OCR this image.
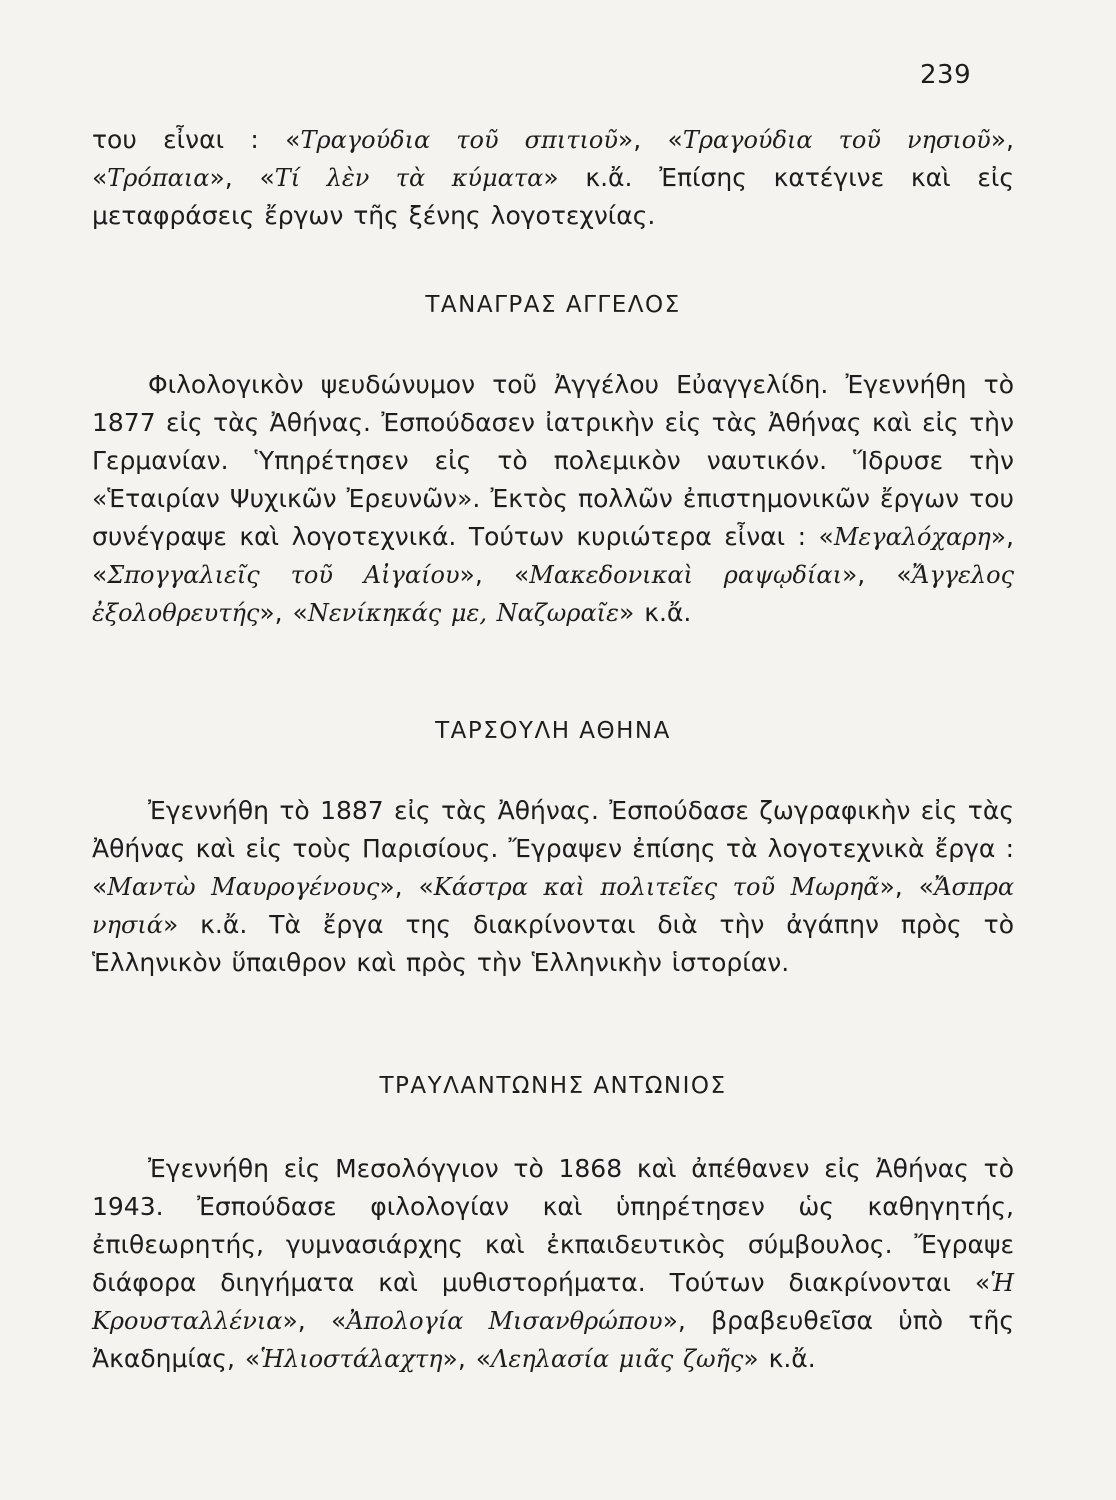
239

του εἶναι : «Τραγούδια τοῦ σπιτιοῦ», «Τραγούδια τοῦ νησιοῦ», «Τρόπαια», «Τί λὲν τὰ κύματα» κ.ἄ. Ἐπίσης κατέγινε καὶ εἰς μεταφράσεις ἔργων τῆς ξένης λογοτεχνίας.

ΤΑΝΑΓΡΑΣ ΑΓΓΕΛΟΣ

Φιλολογικὸν ψευδώνυμον τοῦ Ἀγγέλου Εὐαγγελίδη. Ἐγεννήθη τὸ 1877 εἰς τὰς Ἀθήνας. Ἐσπούδασεν ἰατρικὴν εἰς τὰς Ἀθήνας καὶ εἰς τὴν Γερμανίαν. Ὑπηρέτησεν εἰς τὸ πολεμικὸν ναυτικόν. Ἵδρυσε τὴν «Ἑταιρίαν Ψυχικῶν Ἐρευνῶν». Ἐκτὸς πολλῶν ἐπιστημονικῶν ἔργων του συνέγραψε καὶ λογοτεχνικά. Τούτων κυριώτερα εἶναι : «Μεγαλόχαρη», «Σπογγαλιεῖς τοῦ Αἰγαίου», «Μακεδονικαὶ ραψῳδίαι», «Ἄγγελος ἐξολοθρευτής», «Νενίκηκάς με, Ναζωραῖε» κ.ἄ.

ΤΑΡΣΟΥΛΗ ΑΘΗΝΑ

Ἐγεννήθη τὸ 1887 εἰς τὰς Ἀθήνας. Ἐσπούδασε ζωγραφικὴν εἰς τὰς Ἀθήνας καὶ εἰς τοὺς Παρισίους. Ἔγραψεν ἐπίσης τὰ λογοτεχνικὰ ἔργα : «Μαντὼ Μαυρογένους», «Κάστρα καὶ πολιτεῖες τοῦ Μωρηᾶ», «Ἄσπρα νησιά» κ.ἄ. Τὰ ἔργα της διακρίνονται διὰ τὴν ἀγάπην πρὸς τὸ Ἑλληνικὸν ὕπαιθρον καὶ πρὸς τὴν Ἑλληνικὴν ἱστορίαν.

ΤΡΑΥΛΑΝΤΩΝΗΣ ΑΝΤΩΝΙΟΣ

Ἐγεννήθη εἰς Μεσολόγγιον τὸ 1868 καὶ ἀπέθανεν εἰς Ἀθήνας τὸ 1943. Ἐσπούδασε φιλολογίαν καὶ ὑπηρέτησεν ὡς καθηγητής, ἐπιθεωρητής, γυμνασιάρχης καὶ ἐκπαιδευτικὸς σύμβουλος. Ἔγραψε διάφορα διηγήματα καὶ μυθιστορήματα. Τούτων διακρίνονται «Ἡ Κρουσταλλένια», «Ἀπολογία Μισανθρώπου», βραβευθεῖσα ὑπὸ τῆς Ἀκαδημίας, «Ἡλιοστάλαχτη», «Λεηλασία μιᾶς ζωῆς» κ.ἄ.
